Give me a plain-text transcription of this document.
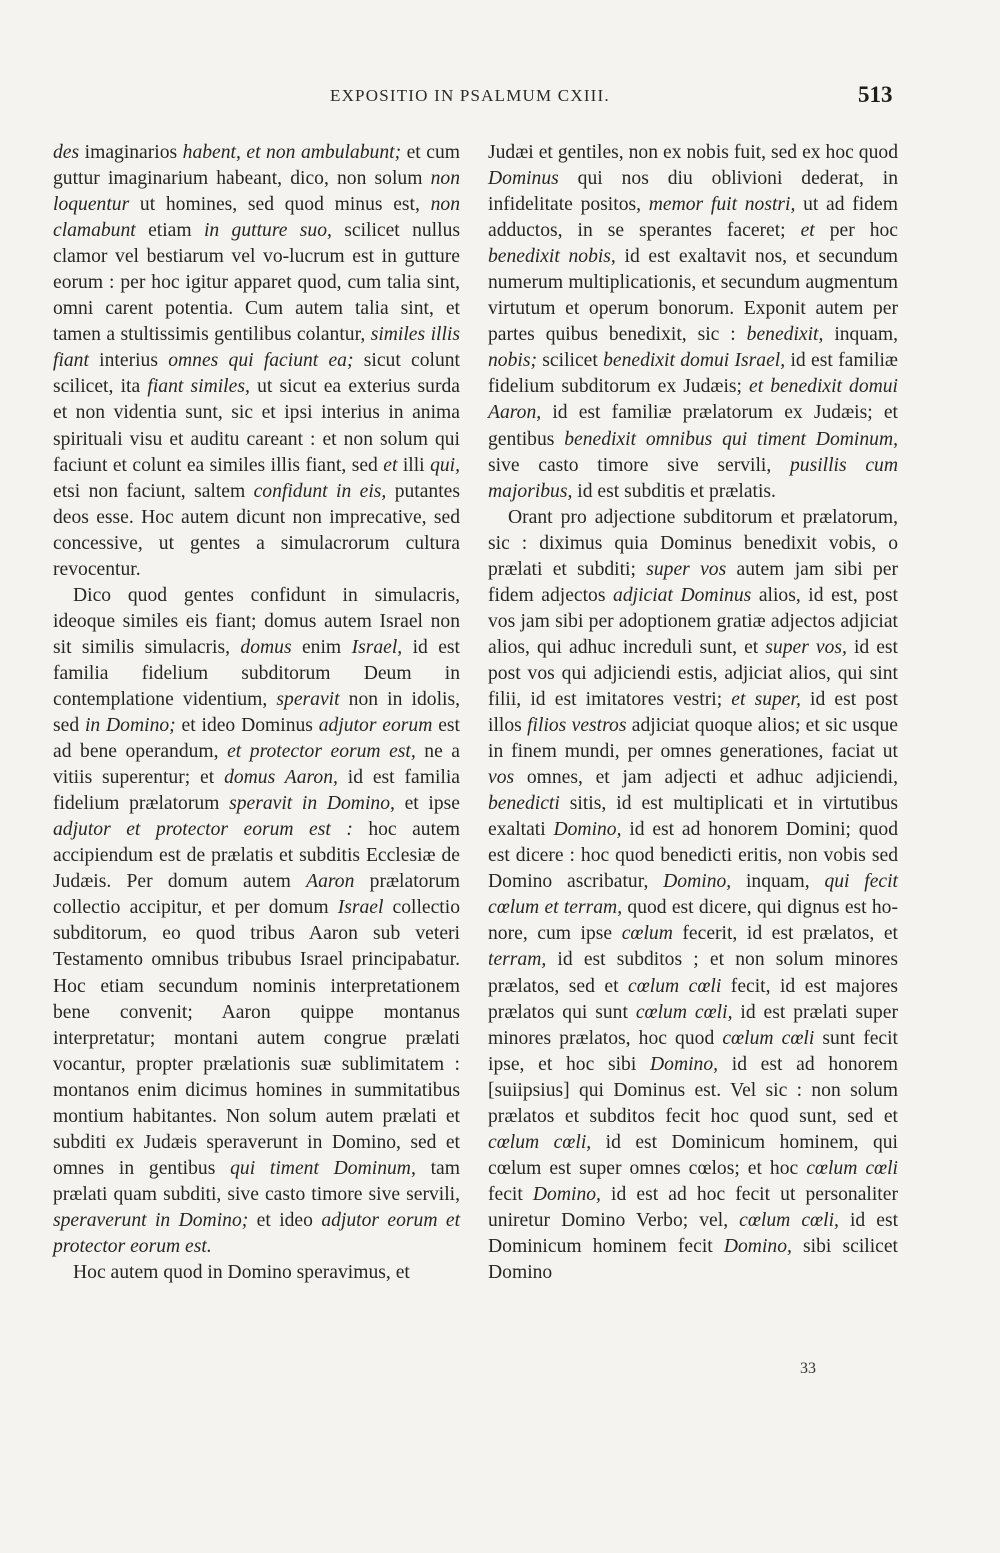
EXPOSITIO IN PSALMUM CXIII.	513

des imaginarios habent, et non ambulabunt; et cum guttur imaginarium habeant, dico, non solum non loquentur ut homines, sed quod minus est, non clamabunt etiam in gutture suo, scilicet nullus clamor vel bestiarum vel vo-lucrum est in gutture eorum : per hoc igitur apparet quod, cum talia sint, omni carent potentia. Cum autem talia sint, et tamen a stultissimis gentilibus colantur, similes illis fiant interius omnes qui faciunt ea; sicut colunt scilicet, ita fiant similes, ut sicut ea exterius surda et non videntia sunt, sic et ipsi interius in anima spirituali visu et auditu careant : et non solum qui faciunt et colunt ea similes illis fiant, sed et illi qui, etsi non faciunt, saltem confidunt in eis, putantes deos esse. Hoc autem dicunt non imprecative, sed concessive, ut gentes a simulacrorum cultura revocentur.

Dico quod gentes confidunt in simulacris, ideoque similes eis fiant; domus autem Israel non sit similis simulacris, domus enim Israel, id est familia fidelium subditorum Deum in contemplatione videntium, speravit non in idolis, sed in Domino; et ideo Dominus adjutor eorum est ad bene operandum, et protector eorum est, ne a vitiis superentur; et domus Aaron, id est familia fidelium prælatorum speravit in Domino, et ipse adjutor et protector eorum est : hoc autem accipiendum est de prælatis et subditis Ecclesiæ de Judæis. Per domum autem Aaron prælatorum collectio accipitur, et per domum Israel collectio subditorum, eo quod tribus Aaron sub veteri Testamento omnibus tribubus Israel principabatur. Hoc etiam secundum nominis interpretationem bene convenit; Aaron quippe montanus interpretatur; montani autem congrue prælati vocantur, propter prælationis suæ sublimitatem : montanos enim dicimus homines in summitatibus montium habitantes. Non solum autem prælati et subditi ex Judæis speraverunt in Domino, sed et omnes in gentibus qui timent Dominum, tam prælati quam subditi, sive casto timore sive servili, speraverunt in Domino; et ideo adjutor eorum et protector eorum est.

Hoc autem quod in Domino speravimus, et

Judæi et gentiles, non ex nobis fuit, sed ex hoc quod Dominus qui nos diu oblivioni dederat, in infidelitate positos, memor fuit nostri, ut ad fidem adductos, in se sperantes faceret; et per hoc benedixit nobis, id est exaltavit nos, et secundum numerum multiplicationis, et secundum augmentum virtutum et operum bonorum. Exponit autem per partes quibus benedixit, sic : benedixit, inquam, nobis; scilicet benedixit domui Israel, id est familiæ fidelium subditorum ex Judæis; et benedixit domui Aaron, id est familiæ prælatorum ex Judæis; et gentibus benedixit omnibus qui timent Dominum, sive casto timore sive servili, pusillis cum majoribus, id est subditis et prælatis.

Orant pro adjectione subditorum et prælatorum, sic : diximus quia Dominus benedixit vobis, o prælati et subditi; super vos autem jam sibi per fidem adjectos adjiciat Dominus alios, id est, post vos jam sibi per adoptionem gratiæ adjectos adjiciat alios, qui adhuc increduli sunt, et super vos, id est post vos qui adjiciendi estis, adjiciat alios, qui sint filii, id est imitatores vestri; et super, id est post illos filios vestros adjiciat quoque alios; et sic usque in finem mundi, per omnes generationes, faciat ut vos omnes, et jam adjecti et adhuc adjiciendi, benedicti sitis, id est multiplicati et in virtutibus exaltati Domino, id est ad honorem Domini; quod est dicere : hoc quod benedicti eritis, non vobis sed Domino ascribatur, Domino, inquam, qui fecit cœlum et terram, quod est dicere, qui dignus est honore, cum ipse cœlum fecerit, id est prælatos, et terram, id est subditos ; et non solum minores prælatos, sed et cœlum cœli fecit, id est majores prælatos qui sunt cœlum cœli, id est prælati super minores prælatos, hoc quod cœlum cœli sunt fecit ipse, et hoc sibi Domino, id est ad honorem [suiipsius] qui Dominus est. Vel sic : non solum prælatos et subditos fecit hoc quod sunt, sed et cœlum cœli, id est Dominicum hominem, qui cœlum est super omnes cœlos; et hoc cœlum cœli fecit Domino, id est ad hoc fecit ut personaliter uniretur Domino Verbo; vel, cœlum cœli, id est Dominicum hominem fecit Domino, sibi scilicet Domino

33
